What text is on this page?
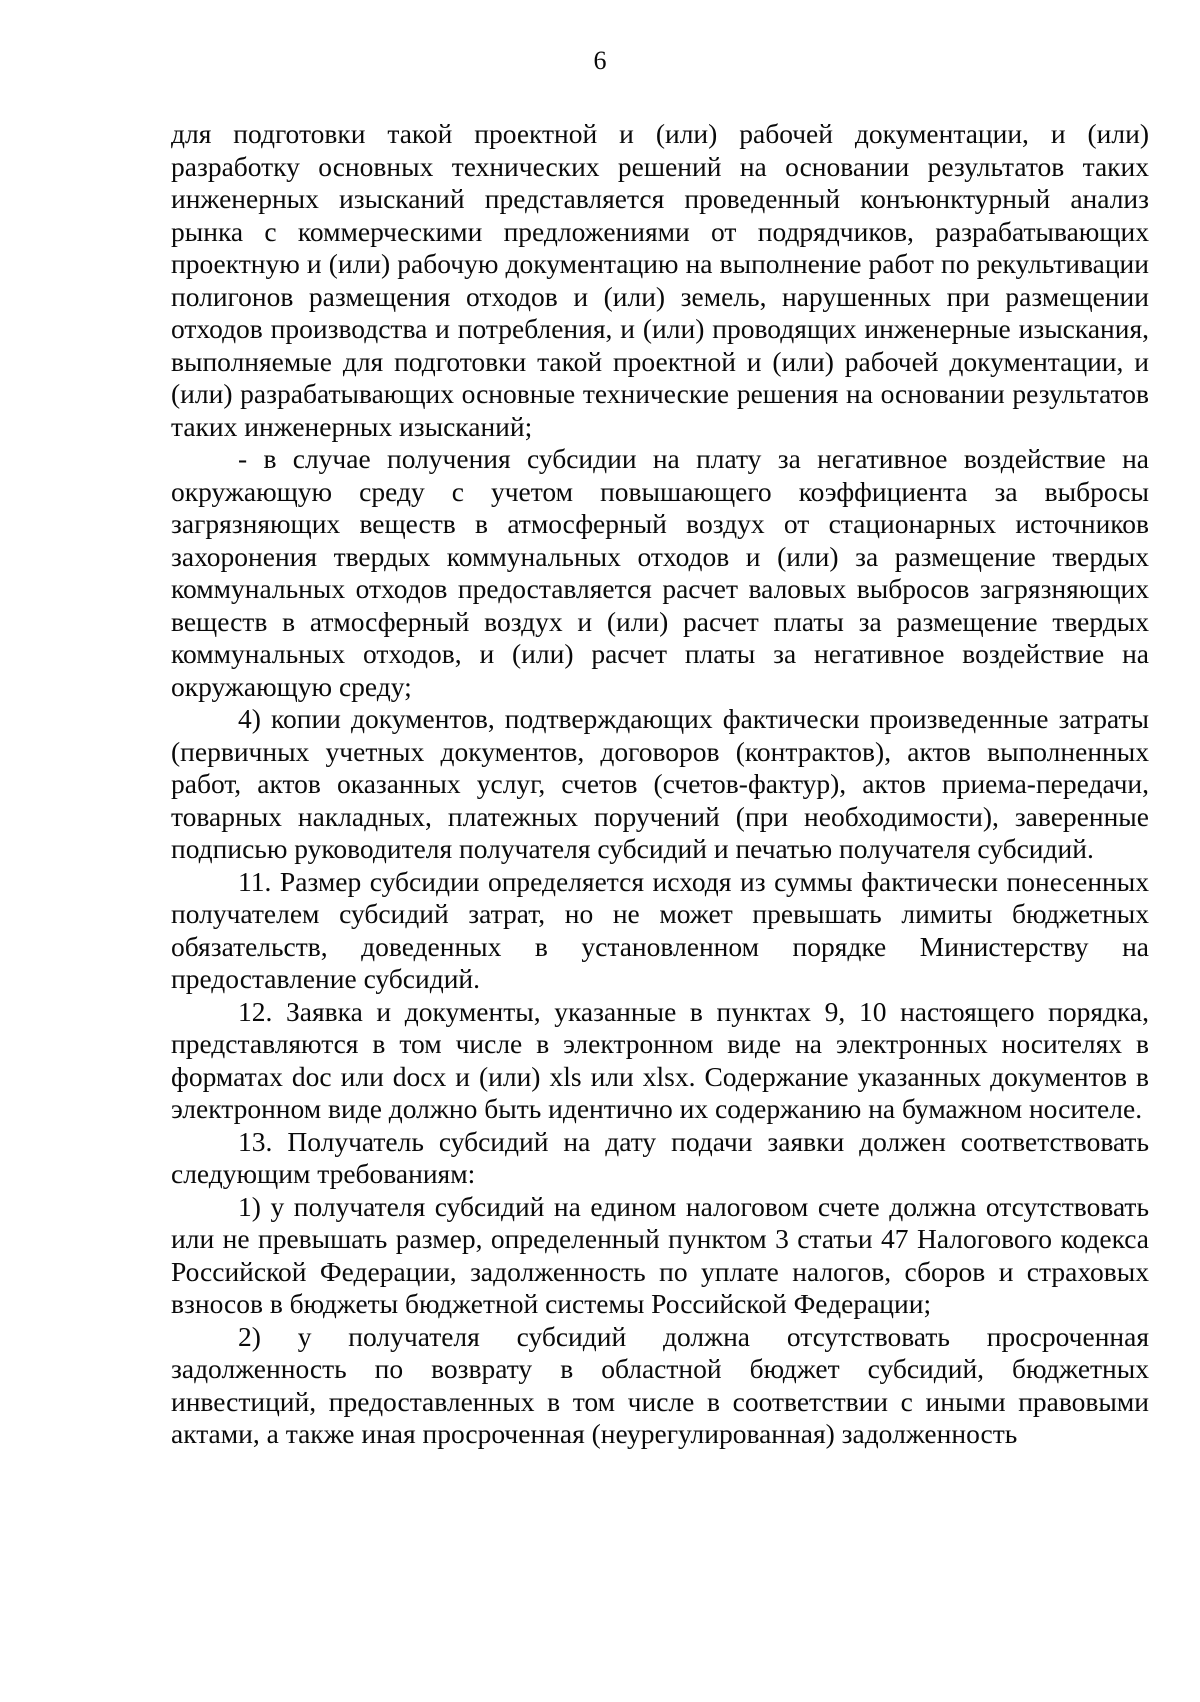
6

для подготовки такой проектной и (или) рабочей документации, и (или) разработку основных технических решений на основании результатов таких инженерных изысканий представляется проведенный конъюнктурный анализ рынка с коммерческими предложениями от подрядчиков, разрабатывающих проектную и (или) рабочую документацию на выполнение работ по рекультивации полигонов размещения отходов и (или) земель, нарушенных при размещении отходов производства и потребления, и (или) проводящих инженерные изыскания, выполняемые для подготовки такой проектной и (или) рабочей документации, и (или) разрабатывающих основные технические решения на основании результатов таких инженерных изысканий;

- в случае получения субсидии на плату за негативное воздействие на окружающую среду с учетом повышающего коэффициента за выбросы загрязняющих веществ в атмосферный воздух от стационарных источников захоронения твердых коммунальных отходов и (или) за размещение твердых коммунальных отходов предоставляется расчет валовых выбросов загрязняющих веществ в атмосферный воздух и (или) расчет платы за размещение твердых коммунальных отходов, и (или) расчет платы за негативное воздействие на окружающую среду;

4) копии документов, подтверждающих фактически произведенные затраты (первичных учетных документов, договоров (контрактов), актов выполненных работ, актов оказанных услуг, счетов (счетов-фактур), актов приема-передачи, товарных накладных, платежных поручений (при необходимости), заверенные подписью руководителя получателя субсидий и печатью получателя субсидий.

11. Размер субсидии определяется исходя из суммы фактически понесенных получателем субсидий затрат, но не может превышать лимиты бюджетных обязательств, доведенных в установленном порядке Министерству на предоставление субсидий.

12. Заявка и документы, указанные в пунктах 9, 10 настоящего порядка, представляются в том числе в электронном виде на электронных носителях в форматах doc или docx и (или) xls или xlsx. Содержание указанных документов в электронном виде должно быть идентично их содержанию на бумажном носителе.

13. Получатель субсидий на дату подачи заявки должен соответствовать следующим требованиям:

1) у получателя субсидий на едином налоговом счете должна отсутствовать или не превышать размер, определенный пунктом 3 статьи 47 Налогового кодекса Российской Федерации, задолженность по уплате налогов, сборов и страховых взносов в бюджеты бюджетной системы Российской Федерации;

2) у получателя субсидий должна отсутствовать просроченная задолженность по возврату в областной бюджет субсидий, бюджетных инвестиций, предоставленных в том числе в соответствии с иными правовыми актами, а также иная просроченная (неурегулированная) задолженность
